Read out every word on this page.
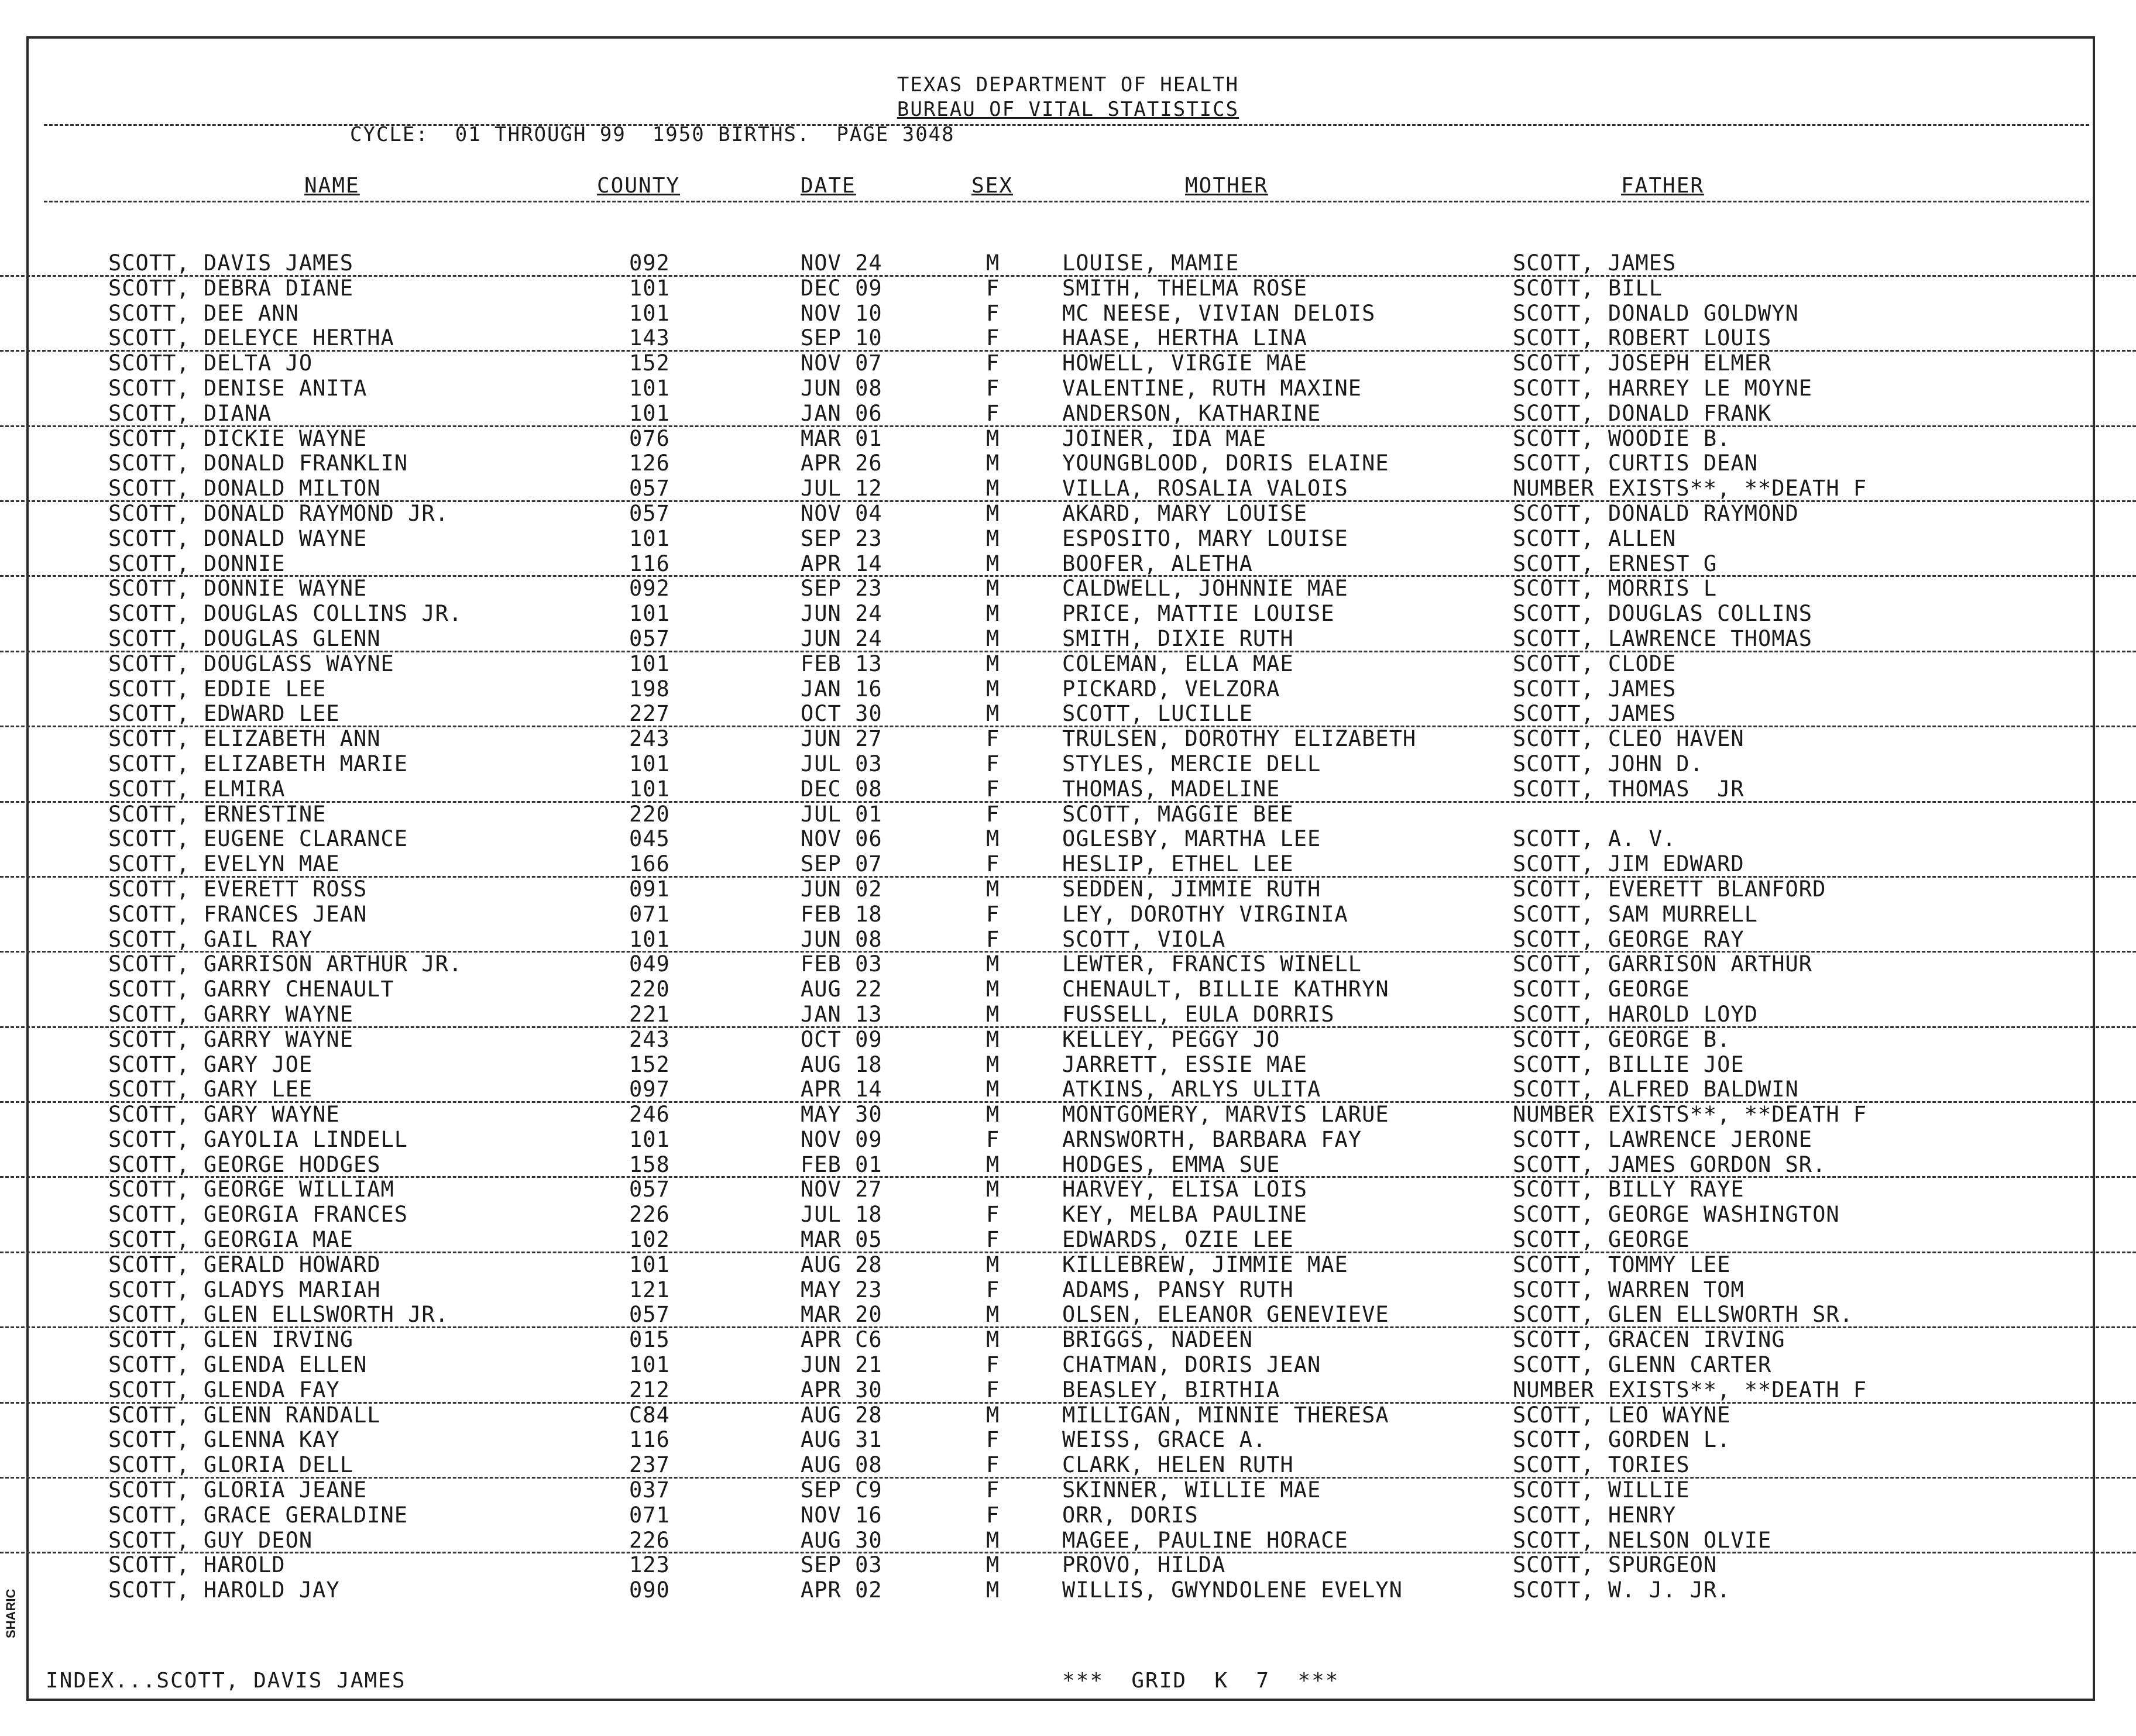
TEXAS DEPARTMENT OF HEALTH
BUREAU OF VITAL STATISTICS
CYCLE:  01 THROUGH 99  1950 BIRTHS.  PAGE 3048
NAME	COUNTY	DATE	SEX	MOTHER	FATHER
SCOTT, DAVIS JAMES	092	NOV 24	M	LOUISE, MAMIE	SCOTT, JAMES
SCOTT, DEBRA DIANE	101	DEC 09	F	SMITH, THELMA ROSE	SCOTT, BILL
SCOTT, DEE ANN	101	NOV 10	F	MC NEESE, VIVIAN DELOIS	SCOTT, DONALD GOLDWYN
SCOTT, DELEYCE HERTHA	143	SEP 10	F	HAASE, HERTHA LINA	SCOTT, ROBERT LOUIS
SCOTT, DELTA JO	152	NOV 07	F	HOWELL, VIRGIE MAE	SCOTT, JOSEPH ELMER
SCOTT, DENISE ANITA	101	JUN 08	F	VALENTINE, RUTH MAXINE	SCOTT, HARREY LE MOYNE
SCOTT, DIANA	101	JAN 06	F	ANDERSON, KATHARINE	SCOTT, DONALD FRANK
SCOTT, DICKIE WAYNE	076	MAR 01	M	JOINER, IDA MAE	SCOTT, WOODIE B.
SCOTT, DONALD FRANKLIN	126	APR 26	M	YOUNGBLOOD, DORIS ELAINE	SCOTT, CURTIS DEAN
SCOTT, DONALD MILTON	057	JUL 12	M	VILLA, ROSALIA VALOIS	NUMBER EXISTS**, **DEATH F
SCOTT, DONALD RAYMOND JR.	057	NOV 04	M	AKARD, MARY LOUISE	SCOTT, DONALD RAYMOND
SCOTT, DONALD WAYNE	101	SEP 23	M	ESPOSITO, MARY LOUISE	SCOTT, ALLEN
SCOTT, DONNIE	116	APR 14	M	BOOFER, ALETHA	SCOTT, ERNEST G
SCOTT, DONNIE WAYNE	092	SEP 23	M	CALDWELL, JOHNNIE MAE	SCOTT, MORRIS L
SCOTT, DOUGLAS COLLINS JR.	101	JUN 24	M	PRICE, MATTIE LOUISE	SCOTT, DOUGLAS COLLINS
SCOTT, DOUGLAS GLENN	057	JUN 24	M	SMITH, DIXIE RUTH	SCOTT, LAWRENCE THOMAS
SCOTT, DOUGLASS WAYNE	101	FEB 13	M	COLEMAN, ELLA MAE	SCOTT, CLODE
SCOTT, EDDIE LEE	198	JAN 16	M	PICKARD, VELZORA	SCOTT, JAMES
SCOTT, EDWARD LEE	227	OCT 30	M	SCOTT, LUCILLE	SCOTT, JAMES
SCOTT, ELIZABETH ANN	243	JUN 27	F	TRULSEN, DOROTHY ELIZABETH	SCOTT, CLEO HAVEN
SCOTT, ELIZABETH MARIE	101	JUL 03	F	STYLES, MERCIE DELL	SCOTT, JOHN D.
SCOTT, ELMIRA	101	DEC 08	F	THOMAS, MADELINE	SCOTT, THOMAS  JR
SCOTT, ERNESTINE	220	JUL 01	F	SCOTT, MAGGIE BEE
SCOTT, EUGENE CLARANCE	045	NOV 06	M	OGLESBY, MARTHA LEE	SCOTT, A. V.
SCOTT, EVELYN MAE	166	SEP 07	F	HESLIP, ETHEL LEE	SCOTT, JIM EDWARD
SCOTT, EVERETT ROSS	091	JUN 02	M	SEDDEN, JIMMIE RUTH	SCOTT, EVERETT BLANFORD
SCOTT, FRANCES JEAN	071	FEB 18	F	LEY, DOROTHY VIRGINIA	SCOTT, SAM MURRELL
SCOTT, GAIL RAY	101	JUN 08	F	SCOTT, VIOLA	SCOTT, GEORGE RAY
SCOTT, GARRISON ARTHUR JR.	049	FEB 03	M	LEWTER, FRANCIS WINELL	SCOTT, GARRISON ARTHUR
SCOTT, GARRY CHENAULT	220	AUG 22	M	CHENAULT, BILLIE KATHRYN	SCOTT, GEORGE
SCOTT, GARRY WAYNE	221	JAN 13	M	FUSSELL, EULA DORRIS	SCOTT, HAROLD LOYD
SCOTT, GARRY WAYNE	243	OCT 09	M	KELLEY, PEGGY JO	SCOTT, GEORGE B.
SCOTT, GARY JOE	152	AUG 18	M	JARRETT, ESSIE MAE	SCOTT, BILLIE JOE
SCOTT, GARY LEE	097	APR 14	M	ATKINS, ARLYS ULITA	SCOTT, ALFRED BALDWIN
SCOTT, GARY WAYNE	246	MAY 30	M	MONTGOMERY, MARVIS LARUE	NUMBER EXISTS**, **DEATH F
SCOTT, GAYOLIA LINDELL	101	NOV 09	F	ARNSWORTH, BARBARA FAY	SCOTT, LAWRENCE JERONE
SCOTT, GEORGE HODGES	158	FEB 01	M	HODGES, EMMA SUE	SCOTT, JAMES GORDON SR.
SCOTT, GEORGE WILLIAM	057	NOV 27	M	HARVEY, ELISA LOIS	SCOTT, BILLY RAYE
SCOTT, GEORGIA FRANCES	226	JUL 18	F	KEY, MELBA PAULINE	SCOTT, GEORGE WASHINGTON
SCOTT, GEORGIA MAE	102	MAR 05	F	EDWARDS, OZIE LEE	SCOTT, GEORGE
SCOTT, GERALD HOWARD	101	AUG 28	M	KILLEBREW, JIMMIE MAE	SCOTT, TOMMY LEE
SCOTT, GLADYS MARIAH	121	MAY 23	F	ADAMS, PANSY RUTH	SCOTT, WARREN TOM
SCOTT, GLEN ELLSWORTH JR.	057	MAR 20	M	OLSEN, ELEANOR GENEVIEVE	SCOTT, GLEN ELLSWORTH SR.
SCOTT, GLEN IRVING	015	APR C6	M	BRIGGS, NADEEN	SCOTT, GRACEN IRVING
SCOTT, GLENDA ELLEN	101	JUN 21	F	CHATMAN, DORIS JEAN	SCOTT, GLENN CARTER
SCOTT, GLENDA FAY	212	APR 30	F	BEASLEY, BIRTHIA	NUMBER EXISTS**, **DEATH F
SCOTT, GLENN RANDALL	C84	AUG 28	M	MILLIGAN, MINNIE THERESA	SCOTT, LEO WAYNE
SCOTT, GLENNA KAY	116	AUG 31	F	WEISS, GRACE A.	SCOTT, GORDEN L.
SCOTT, GLORIA DELL	237	AUG 08	F	CLARK, HELEN RUTH	SCOTT, TORIES
SCOTT, GLORIA JEANE	037	SEP C9	F	SKINNER, WILLIE MAE	SCOTT, WILLIE
SCOTT, GRACE GERALDINE	071	NOV 16	F	ORR, DORIS	SCOTT, HENRY
SCOTT, GUY DEON	226	AUG 30	M	MAGEE, PAULINE HORACE	SCOTT, NELSON OLVIE
SCOTT, HAROLD	123	SEP 03	M	PROVO, HILDA	SCOTT, SPURGEON
SCOTT, HAROLD JAY	090	APR 02	M	WILLIS, GWYNDOLENE EVELYN	SCOTT, W. J. JR.
INDEX...SCOTT, DAVIS JAMES	***  GRID  K  7  ***
SHARIC
